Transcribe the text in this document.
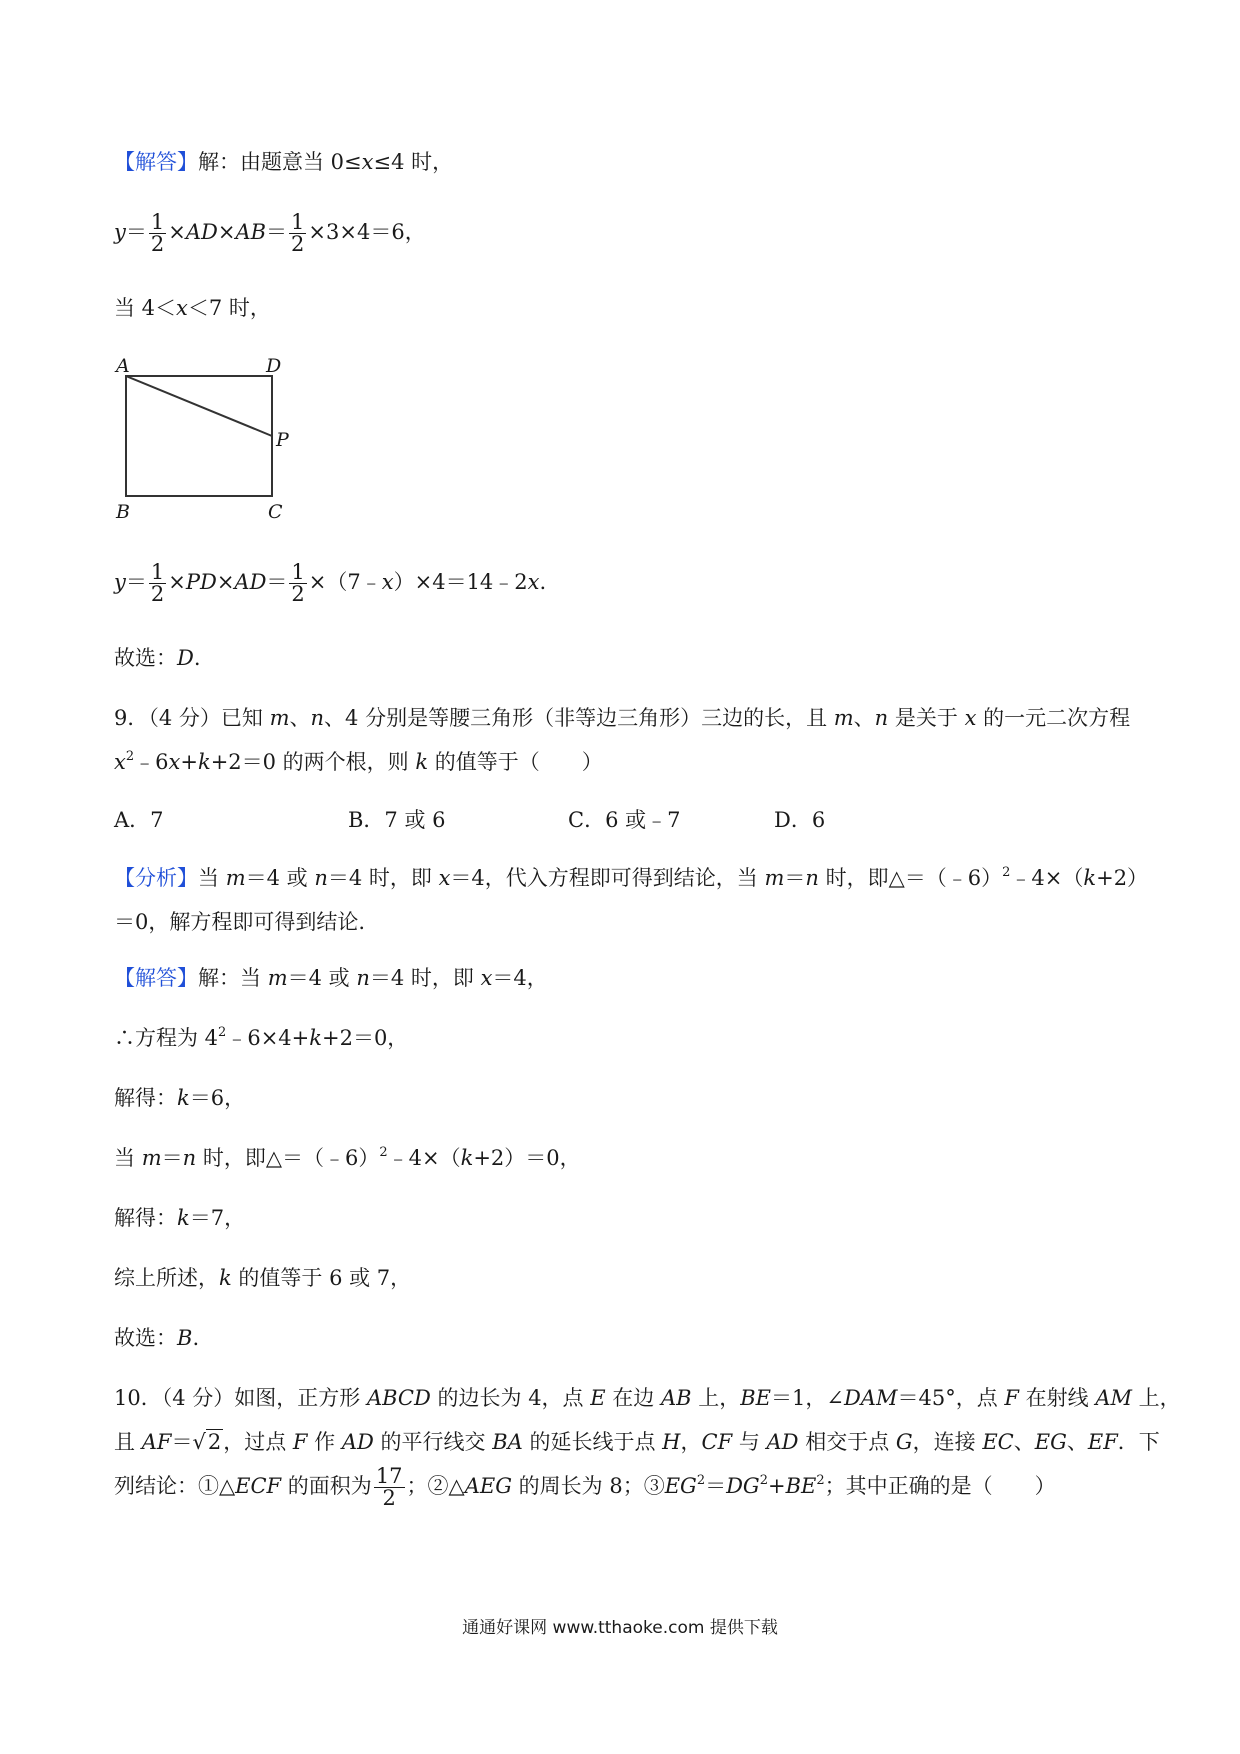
【解答】解：由题意当 0≤x≤4 时，
$y= \frac{1}{2} \times AD\times AB= \frac{1}{2} \times 3\times 4=6$，
当 4＜x＜7 时，
A	D
P
B	C
$y= \frac{1}{2} \times PD\times AD= \frac{1}{2}$ ×（7﹣x）×4＝14﹣2x.
故选：D.
9．（4 分）已知 m、n、4 分别是等腰三角形（非等边三角形）三边的长，且 m、n 是关于 x 的一元二次方程
$x^2﹣6x+k+2=0$ 的两个根，则 k 的值等于（　　）
A．7	B．7 或 6	C．6 或﹣7	D．6
【分析】当 m＝4 或 n＝4 时，即 x＝4，代入方程即可得到结论，当 m＝n 时，即△＝（﹣6）$^2$﹣4×（k+2）
＝0，解方程即可得到结论.
【解答】解：当 m＝4 或 n＝4 时，即 x＝4，
∴方程为 $4^2﹣6\times 4+k+2=0$，
解得：k＝6，
当 m＝n 时，即△＝（﹣6）$^2$﹣4×（k+2）＝0，
解得：k＝7，
综上所述，k 的值等于 6 或 7，
故选：B.
10．（4 分）如图，正方形 ABCD 的边长为 4，点 E 在边 AB 上，BE＝1，∠DAM＝45°，点 F 在射线 AM 上，
且 AF＝√2，过点 F 作 AD 的平行线交 BA 的延长线于点 H，CF 与 AD 相交于点 G，连接 EC、EG、EF．下
列结论：①△ECF 的面积为 $\frac{17}{2}$ ；②△AEG 的周长为 8；$③EG^2=DG^2+BE^2$；其中正确的是（　　）
通通好课网 www.tthaoke.com 提供下载
